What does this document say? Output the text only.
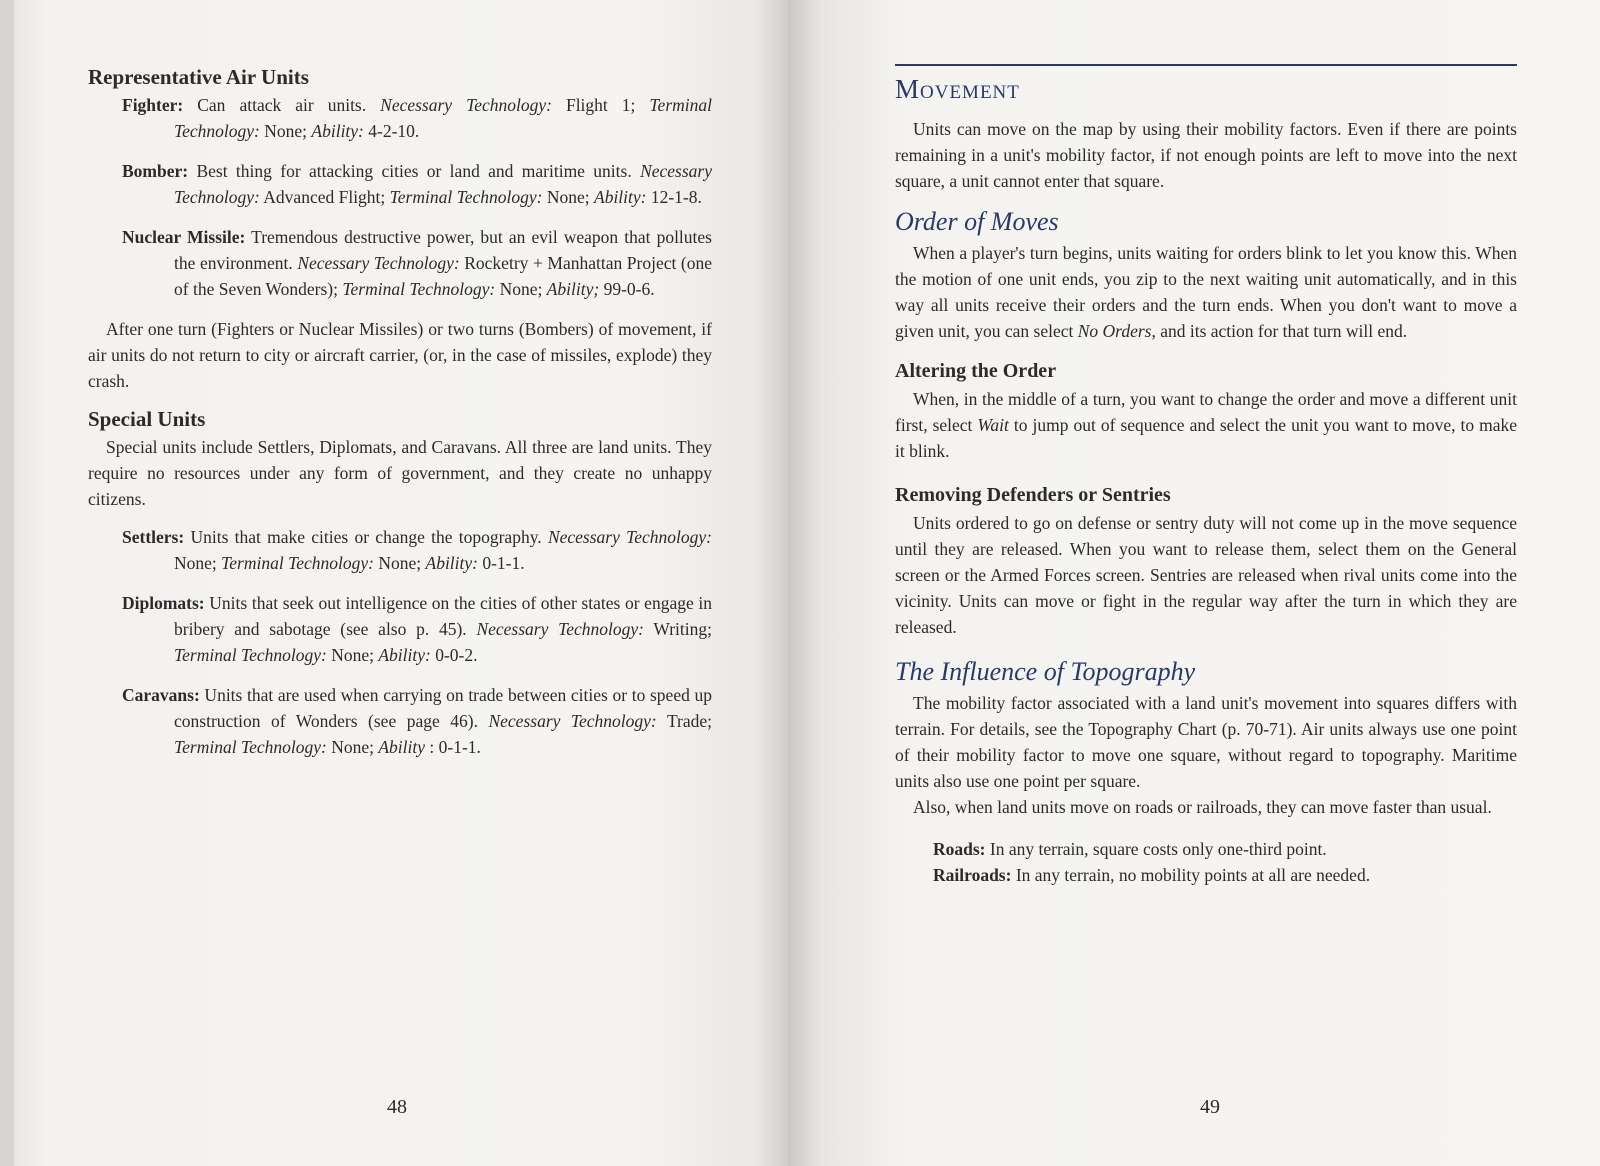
Representative Air Units
Fighter: Can attack air units. Necessary Technology: Flight 1; Terminal Technology: None; Ability: 4-2-10.
Bomber: Best thing for attacking cities or land and maritime units. Necessary Technology: Advanced Flight; Terminal Technology: None; Ability: 12-1-8.
Nuclear Missile: Tremendous destructive power, but an evil weapon that pollutes the environment. Necessary Technology: Rocketry + Manhattan Project (one of the Seven Wonders); Terminal Technology: None; Ability; 99-0-6.

After one turn (Fighters or Nuclear Missiles) or two turns (Bombers) of movement, if air units do not return to city or aircraft carrier, (or, in the case of missiles, explode) they crash.

Special Units

Special units include Settlers, Diplomats, and Caravans. All three are land units. They require no resources under any form of government, and they create no unhappy citizens.

Settlers: Units that make cities or change the topography. Necessary Technology: None; Terminal Technology: None; Ability: 0-1-1.
Diplomats: Units that seek out intelligence on the cities of other states or engage in bribery and sabotage (see also p. 45). Necessary Technology: Writing; Terminal Technology: None; Ability: 0-0-2.
Caravans: Units that are used when carrying on trade between cities or to speed up construction of Wonders (see page 46). Necessary Technology: Trade; Terminal Technology: None; Ability : 0-1-1.
48	49
Movement

Units can move on the map by using their mobility factors. Even if there are points remaining in a unit's mobility factor, if not enough points are left to move into the next square, a unit cannot enter that square.

Order of Moves

When a player's turn begins, units waiting for orders blink to let you know this. When the motion of one unit ends, you zip to the next waiting unit automatically, and in this way all units receive their orders and the turn ends. When you don't want to move a given unit, you can select No Orders, and its action for that turn will end.

Altering the Order

When, in the middle of a turn, you want to change the order and move a different unit first, select Wait to jump out of sequence and select the unit you want to move, to make it blink.

Removing Defenders or Sentries

Units ordered to go on defense or sentry duty will not come up in the move sequence until they are released. When you want to release them, select them on the General screen or the Armed Forces screen. Sentries are released when rival units come into the vicinity. Units can move or fight in the regular way after the turn in which they are released.

The Influence of Topography

The mobility factor associated with a land unit's movement into squares differs with terrain. For details, see the Topography Chart (p. 70-71). Air units always use one point of their mobility factor to move one square, without regard to topography. Maritime units also use one point per square.

Also, when land units move on roads or railroads, they can move faster than usual.

Roads: In any terrain, square costs only one-third point.
Railroads: In any terrain, no mobility points at all are needed.
